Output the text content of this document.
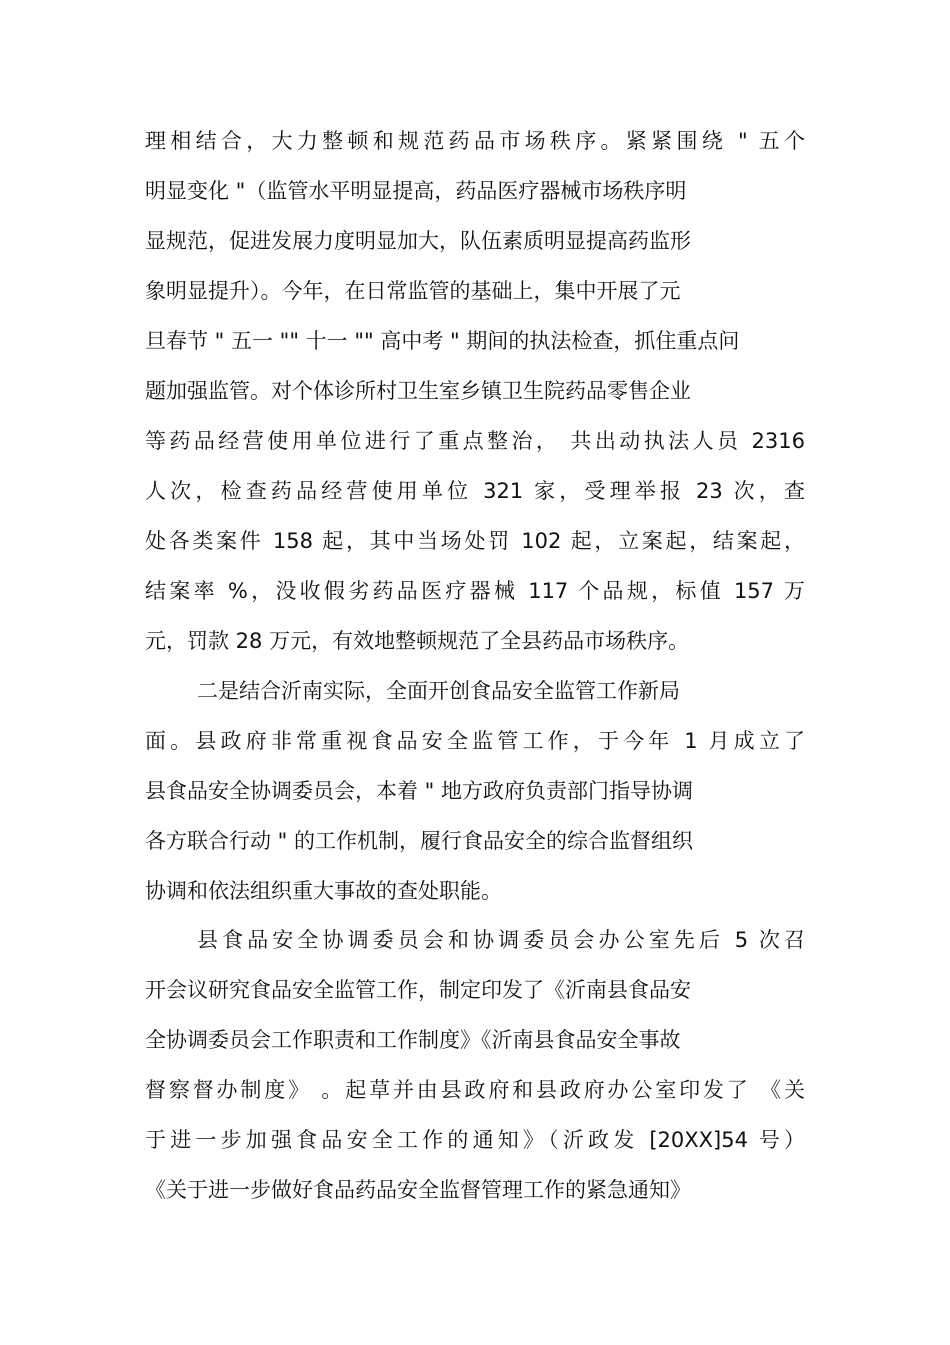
理相结合，大力整顿和规范药品市场秩序。紧紧围绕 " 五个
明显变化 "（监管水平明显提高，药品医疗器械市场秩序明
显规范，促进发展力度明显加大，队伍素质明显提高药监形
象明显提升）。今年，在日常监管的基础上，集中开展了元
旦春节 " 五一 "" 十一 "" 高中考 " 期间的执法检查，抓住重点问
题加强监管。对个体诊所村卫生室乡镇卫生院药品零售企业
等药品经营使用单位进行了重点整治， 共出动执法人员 2316
人次，检查药品经营使用单位 321 家，受理举报 23 次，查
处各类案件 158 起，其中当场处罚 102 起，立案起，结案起，
结案率 %，没收假劣药品医疗器械 117 个品规，标值 157 万
元，罚款 28 万元，有效地整顿规范了全县药品市场秩序。
二是结合沂南实际，全面开创食品安全监管工作新局
面。县政府非常重视食品安全监管工作，于今年 1 月成立了
县食品安全协调委员会，本着 " 地方政府负责部门指导协调
各方联合行动 " 的工作机制，履行食品安全的综合监督组织
协调和依法组织重大事故的查处职能。
县食品安全协调委员会和协调委员会办公室先后 5 次召
开会议研究食品安全监管工作，制定印发了《沂南县食品安
全协调委员会工作职责和工作制度》《沂南县食品安全事故
督察督办制度》 。起草并由县政府和县政府办公室印发了 《关
于进一步加强食品安全工作的通知》（沂政发 [20XX]54 号）
《关于进一步做好食品药品安全监督管理工作的紧急通知》
